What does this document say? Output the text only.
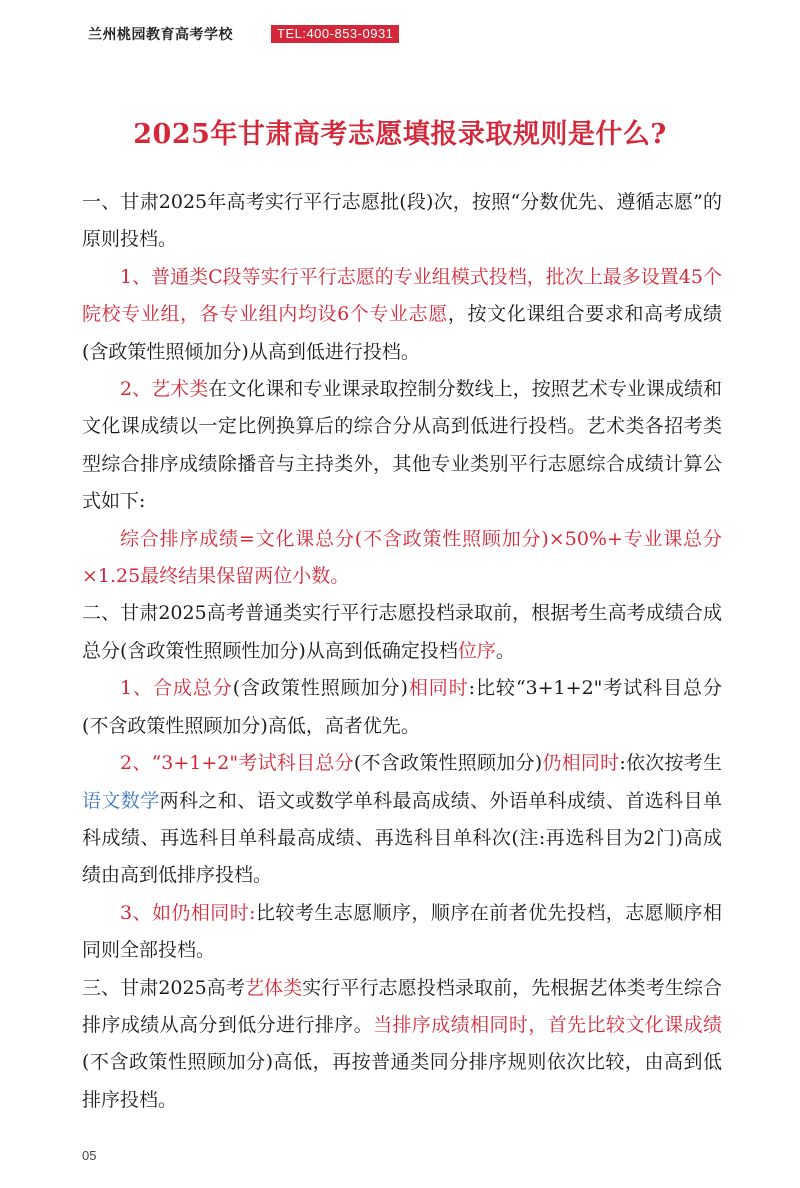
兰州桃园教育高考学校	TEL:400-853-0931
2025年甘肃高考志愿填报录取规则是什么?

一、甘肃2025年高考实行平行志愿批(段)次，按照“分数优先、遵循志愿”的原则投档。

1、普通类C段等实行平行志愿的专业组模式投档，批次上最多设置45个院校专业组，各专业组内均设6个专业志愿，按文化课组合要求和高考成绩(含政策性照倾加分)从高到低进行投档。

2、艺术类在文化课和专业课录取控制分数线上，按照艺术专业课成绩和文化课成绩以一定比例换算后的综合分从高到低进行投档。艺术类各招考类型综合排序成绩除播音与主持类外，其他专业类别平行志愿综合成绩计算公式如下:

综合排序成绩=文化课总分(不含政策性照顾加分)×50%+专业课总分×1.25最终结果保留两位小数。

二、甘肃2025高考普通类实行平行志愿投档录取前，根据考生高考成绩合成总分(含政策性照顾性加分)从高到低确定投档位序。

1、合成总分(含政策性照顾加分)相同时:比较“3+1+2"考试科目总分(不含政策性照顾加分)高低，高者优先。

2、“3+1+2"考试科目总分(不含政策性照顾加分)仍相同时:依次按考生语文数学两科之和、语文或数学单科最高成绩、外语单科成绩、首选科目单科成绩、再选科目单科最高成绩、再选科目单科次(注:再选科目为2门)高成绩由高到低排序投档。

3、如仍相同时:比较考生志愿顺序，顺序在前者优先投档，志愿顺序相同则全部投档。

三、甘肃2025高考艺体类实行平行志愿投档录取前，先根据艺体类考生综合排序成绩从高分到低分进行排序。当排序成绩相同时，首先比较文化课成绩(不含政策性照顾加分)高低，再按普通类同分排序规则依次比较，由高到低排序投档。

05
